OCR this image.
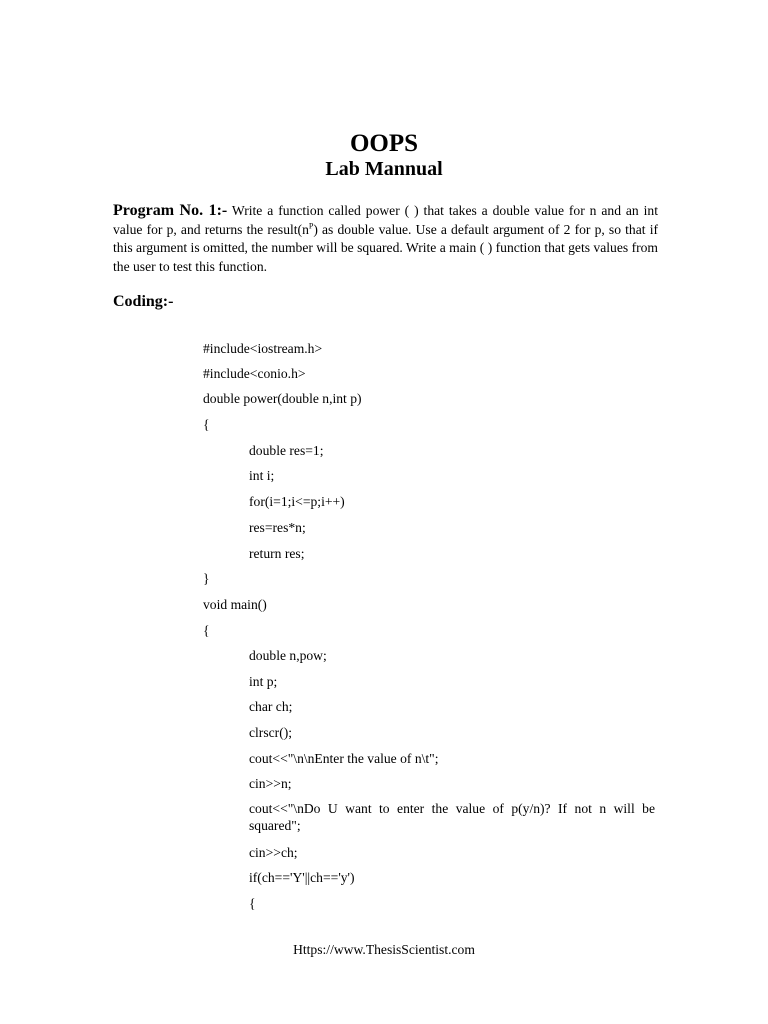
OOPS
Lab Mannual
Program No. 1:- Write a function called power ( ) that takes a double value for n and an int value for p, and returns the $result(n^P)$ as double value. Use a default argument of 2 for p, so that if this argument is omitted, the number will be squared. Write a main ( ) function that gets values from the user to test this function.
Coding:-
#include<iostream.h>
#include<conio.h>
double power(double n,int p)
{
double res=1;
int i;
for(i=1;i<=p;i++)
res=res*n;
return res;
}
void main()
{
double n,pow;
int p;
char ch;
clrscr();
cout<<"\n\nEnter the value of n\t";
cin>>n;
cout<<"\nDo U want to enter the value of p(y/n)? If not n will be squared";
cin>>ch;
if(ch=='Y'||ch=='y')
{
Https://www.ThesisScientist.com
